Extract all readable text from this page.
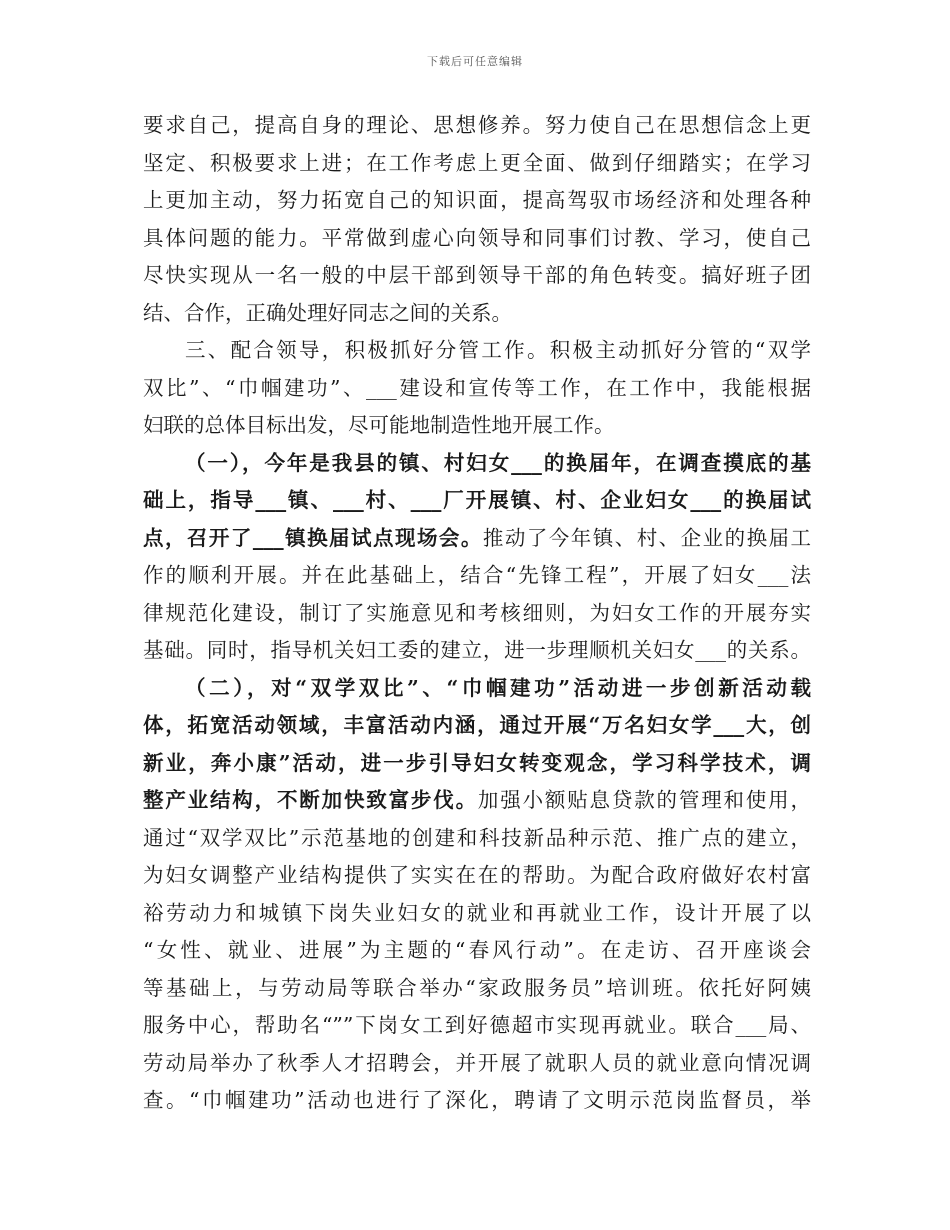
下载后可任意编辑
要求自己，提高自身的理论、思想修养。努力使自己在思想信念上更
坚定、积极要求上进；在工作考虑上更全面、做到仔细踏实；在学习
上更加主动，努力拓宽自己的知识面，提高驾驭市场经济和处理各种
具体问题的能力。平常做到虚心向领导和同事们讨教、学习，使自己
尽快实现从一名一般的中层干部到领导干部的角色转变。搞好班子团
结、合作，正确处理好同志之间的关系。
三、配合领导，积极抓好分管工作。积极主动抓好分管的“双学
双比”、“巾帼建功”、___建设和宣传等工作，在工作中，我能根据
妇联的总体目标出发，尽可能地制造性地开展工作。
（一），今年是我县的镇、村妇女___的换届年，在调查摸底的基
础上，指导___镇、___村、___厂开展镇、村、企业妇女___的换届试
点，召开了___镇换届试点现场会。推动了今年镇、村、企业的换届工
作的顺利开展。并在此基础上，结合“先锋工程”，开展了妇女___法
律规范化建设，制订了实施意见和考核细则，为妇女工作的开展夯实
基础。同时，指导机关妇工委的建立，进一步理顺机关妇女___的关系。
（二），对“双学双比”、“巾帼建功”活动进一步创新活动载
体，拓宽活动领域，丰富活动内涵，通过开展“万名妇女学___大，创
新业，奔小康”活动，进一步引导妇女转变观念，学习科学技术，调
整产业结构，不断加快致富步伐。加强小额贴息贷款的管理和使用，
通过“双学双比”示范基地的创建和科技新品种示范、推广点的建立，
为妇女调整产业结构提供了实实在在的帮助。为配合政府做好农村富
裕劳动力和城镇下岗失业妇女的就业和再就业工作，设计开展了以
“女性、就业、进展”为主题的“春风行动”。在走访、召开座谈会
等基础上，与劳动局等联合举办“家政服务员”培训班。依托好阿姨
服务中心，帮助名“””下岗女工到好德超市实现再就业。联合___局、
劳动局举办了秋季人才招聘会，并开展了就职人员的就业意向情况调
查。“巾帼建功”活动也进行了深化，聘请了文明示范岗监督员，举
